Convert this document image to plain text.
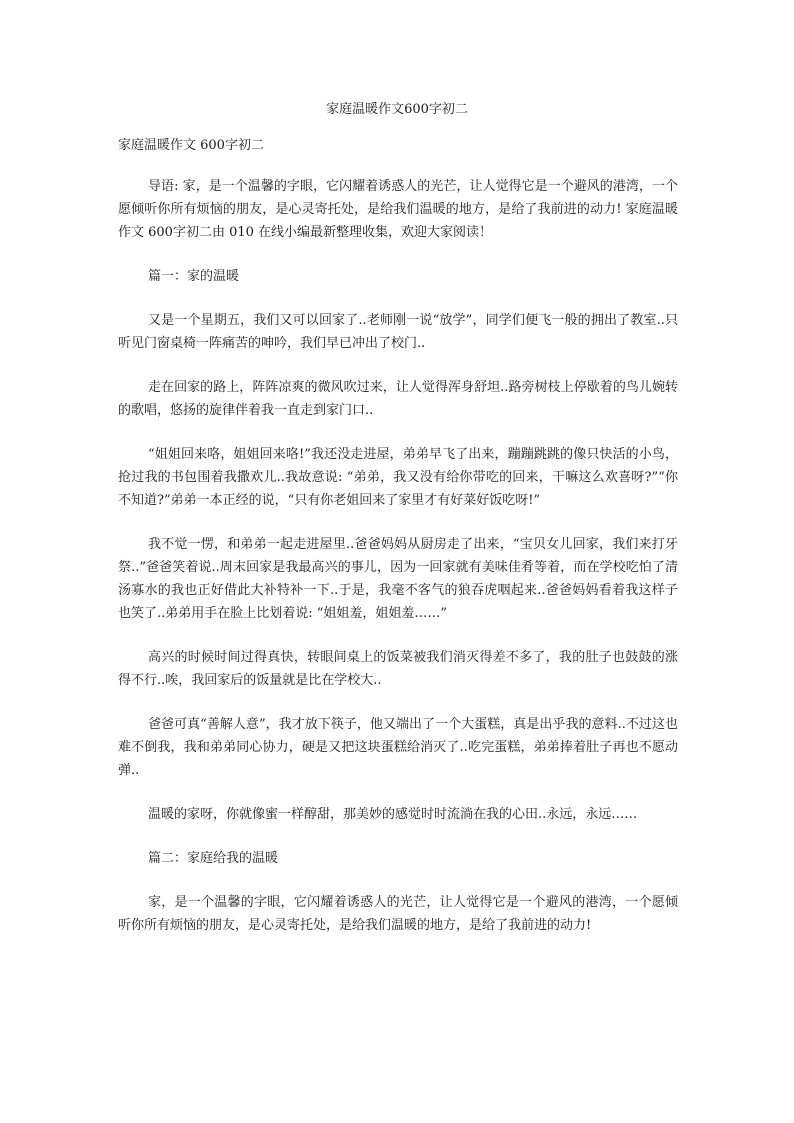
家庭温暖作文600字初二
家庭温暖作文 600字初二
导语: 家，是一个温馨的字眼，它闪耀着诱惑人的光芒，让人觉得它是一个避风的港湾，一个愿倾听你所有烦恼的朋友，是心灵寄托处，是给我们温暖的地方，是给了我前进的动力! 家庭温暖作文 600字初二由 010 在线小编最新整理收集，欢迎大家阅读！
篇一：家的温暖
又是一个星期五，我们又可以回家了..老师刚一说“放学”，同学们便飞一般的拥出了教室..只听见门窗桌椅一阵痛苦的呻吟，我们早已冲出了校门..
走在回家的路上，阵阵凉爽的微风吹过来，让人觉得浑身舒坦..路旁树枝上停歇着的鸟儿婉转的歌唱，悠扬的旋律伴着我一直走到家门口..
“姐姐回来咯，姐姐回来咯!”我还没走进屋，弟弟早飞了出来，蹦蹦跳跳的像只快活的小鸟，抢过我的书包围着我撒欢儿..我故意说: “弟弟，我又没有给你带吃的回来，干嘛这么欢喜呀?”“你不知道?”弟弟一本正经的说，“只有你老姐回来了家里才有好菜好饭吃呀!”
我不觉一愣，和弟弟一起走进屋里..爸爸妈妈从厨房走了出来，“宝贝女儿回家，我们来打牙祭..”爸爸笑着说..周末回家是我最高兴的事儿，因为一回家就有美味佳肴等着，而在学校吃怕了清汤寡水的我也正好借此大补特补一下..于是，我毫不客气的狼吞虎咽起来..爸爸妈妈看着我这样子也笑了..弟弟用手在脸上比划着说: “姐姐羞，姐姐羞……”
高兴的时候时间过得真快，转眼间桌上的饭菜被我们消灭得差不多了，我的肚子也鼓鼓的涨得不行..唉，我回家后的饭量就是比在学校大..
爸爸可真“善解人意”，我才放下筷子，他又端出了一个大蛋糕，真是出乎我的意料..不过这也难不倒我，我和弟弟同心协力，硬是又把这块蛋糕给消灭了..吃完蛋糕，弟弟捧着肚子再也不愿动弹..
温暖的家呀，你就像蜜一样醇甜，那美妙的感觉时时流淌在我的心田..永远，永远……
篇二：家庭给我的温暖
家，是一个温馨的字眼，它闪耀着诱惑人的光芒，让人觉得它是一个避风的港湾，一个愿倾听你所有烦恼的朋友，是心灵寄托处，是给我们温暖的地方，是给了我前进的动力!
